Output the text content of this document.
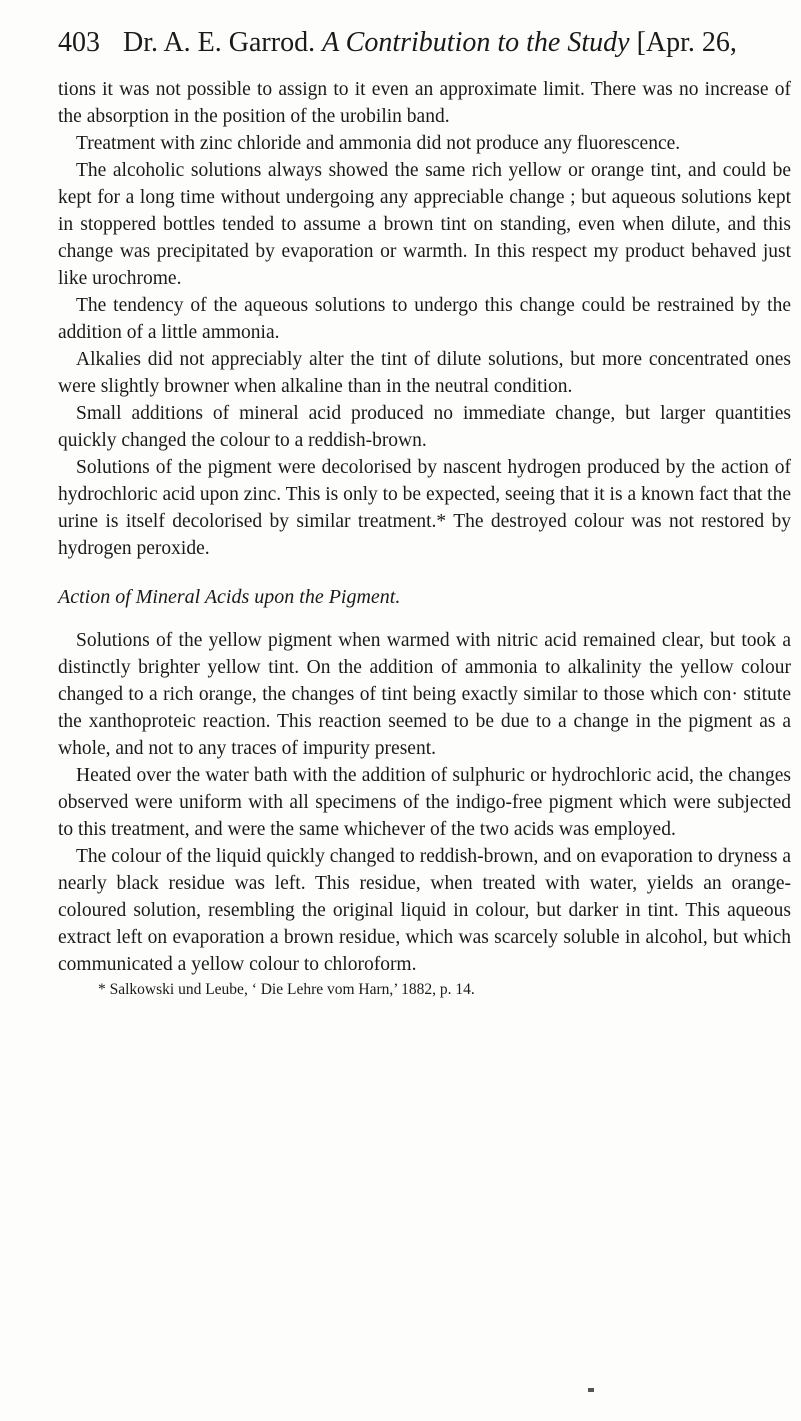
403 Dr. A. E. Garrod. A Contribution to the Study [Apr. 26,

tions it was not possible to assign to it even an approximate limit. There was no increase of the absorption in the position of the urobilin band.

Treatment with zinc chloride and ammonia did not produce any fluorescence.

The alcoholic solutions always showed the same rich yellow or orange tint, and could be kept for a long time without undergoing any appreciable change ; but aqueous solutions kept in stoppered bottles tended to assume a brown tint on standing, even when dilute, and this change was precipitated by evaporation or warmth. In this respect my product behaved just like urochrome.

The tendency of the aqueous solutions to undergo this change could be restrained by the addition of a little ammonia.

Alkalies did not appreciably alter the tint of dilute solutions, but more concentrated ones were slightly browner when alkaline than in the neutral condition.

Small additions of mineral acid produced no immediate change, but larger quantities quickly changed the colour to a reddish-brown.

Solutions of the pigment were decolorised by nascent hydrogen produced by the action of hydrochloric acid upon zinc. This is only to be expected, seeing that it is a known fact that the urine is itself decolorised by similar treatment.* The destroyed colour was not restored by hydrogen peroxide.

Action of Mineral Acids upon the Pigment.

Solutions of the yellow pigment when warmed with nitric acid remained clear, but took a distinctly brighter yellow tint. On the addition of ammonia to alkalinity the yellow colour changed to a rich orange, the changes of tint being exactly similar to those which con· stitute the xanthoproteic reaction. This reaction seemed to be due to a change in the pigment as a whole, and not to any traces of impurity present.

Heated over the water bath with the addition of sulphuric or hydrochloric acid, the changes observed were uniform with all specimens of the indigo-free pigment which were subjected to this treatment, and were the same whichever of the two acids was employed.

The colour of the liquid quickly changed to reddish-brown, and on evaporation to dryness a nearly black residue was left. This residue, when treated with water, yields an orange-coloured solution, resembling the original liquid in colour, but darker in tint. This aqueous extract left on evaporation a brown residue, which was scarcely soluble in alcohol, but which communicated a yellow colour to chloroform.

* Salkowski und Leube, ‘ Die Lehre vom Harn,’ 1882, p. 14.
